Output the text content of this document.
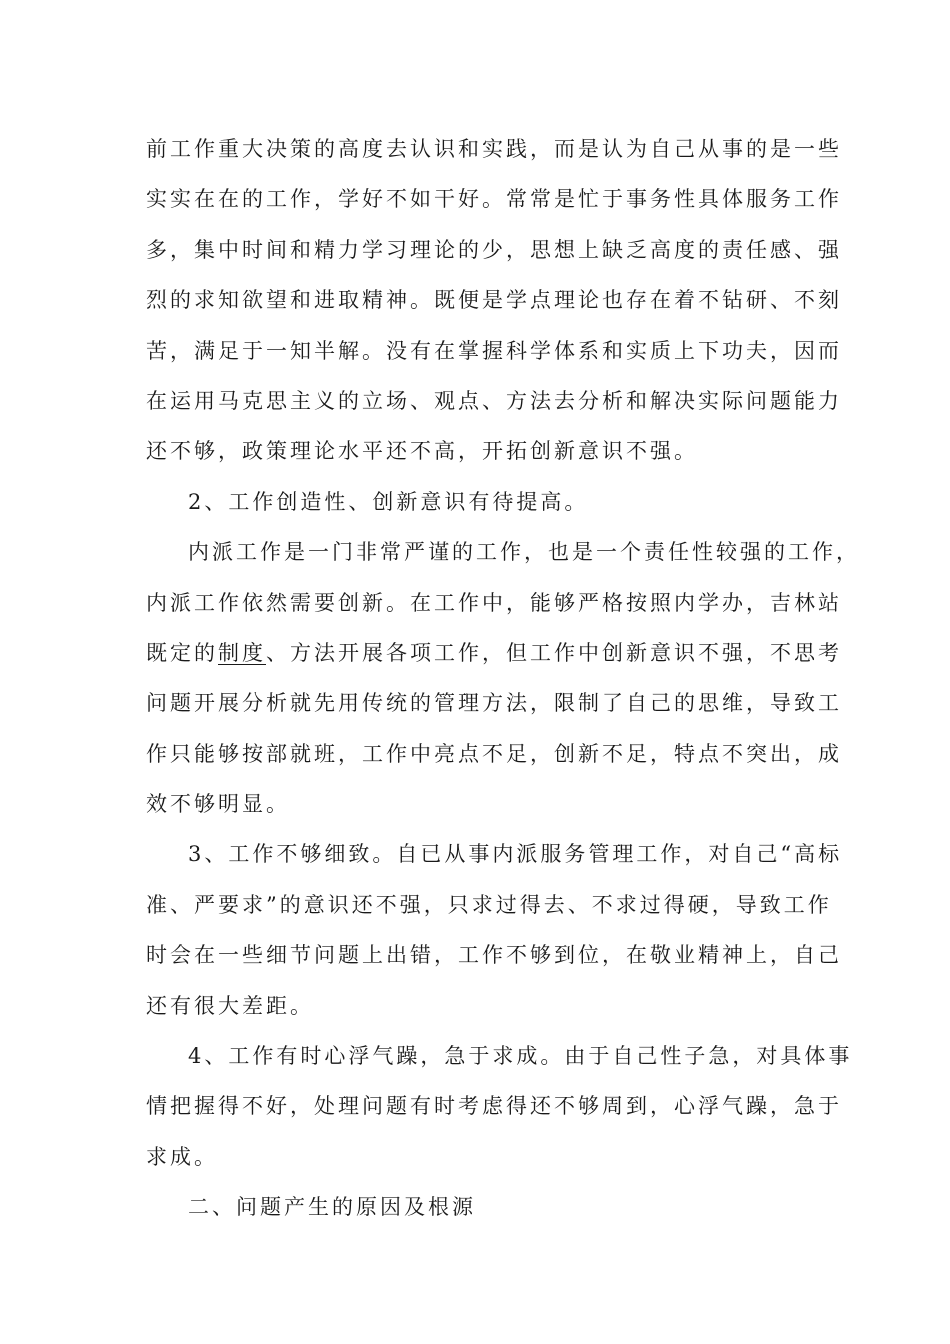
前工作重大决策的高度去认识和实践，而是认为自己从事的是一些
实实在在的工作，学好不如干好。常常是忙于事务性具体服务工作
多，集中时间和精力学习理论的少，思想上缺乏高度的责任感、强
烈的求知欲望和进取精神。既便是学点理论也存在着不钻研、不刻
苦，满足于一知半解。没有在掌握科学体系和实质上下功夫，因而
在运用马克思主义的立场、观点、方法去分析和解决实际问题能力
还不够，政策理论水平还不高，开拓创新意识不强。
2、工作创造性、创新意识有待提高。
内派工作是一门非常严谨的工作，也是一个责任性较强的工作，
内派工作依然需要创新。在工作中，能够严格按照内学办，吉林站
既定的制度、方法开展各项工作，但工作中创新意识不强，不思考
问题开展分析就先用传统的管理方法，限制了自己的思维，导致工
作只能够按部就班，工作中亮点不足，创新不足，特点不突出，成
效不够明显。
3、工作不够细致。自已从事内派服务管理工作，对自己“高标
准、严要求”的意识还不强，只求过得去、不求过得硬，导致工作
时会在一些细节问题上出错，工作不够到位，在敬业精神上，自己
还有很大差距。
4、工作有时心浮气躁，急于求成。由于自己性子急，对具体事
情把握得不好，处理问题有时考虑得还不够周到，心浮气躁，急于
求成。
二、问题产生的原因及根源
